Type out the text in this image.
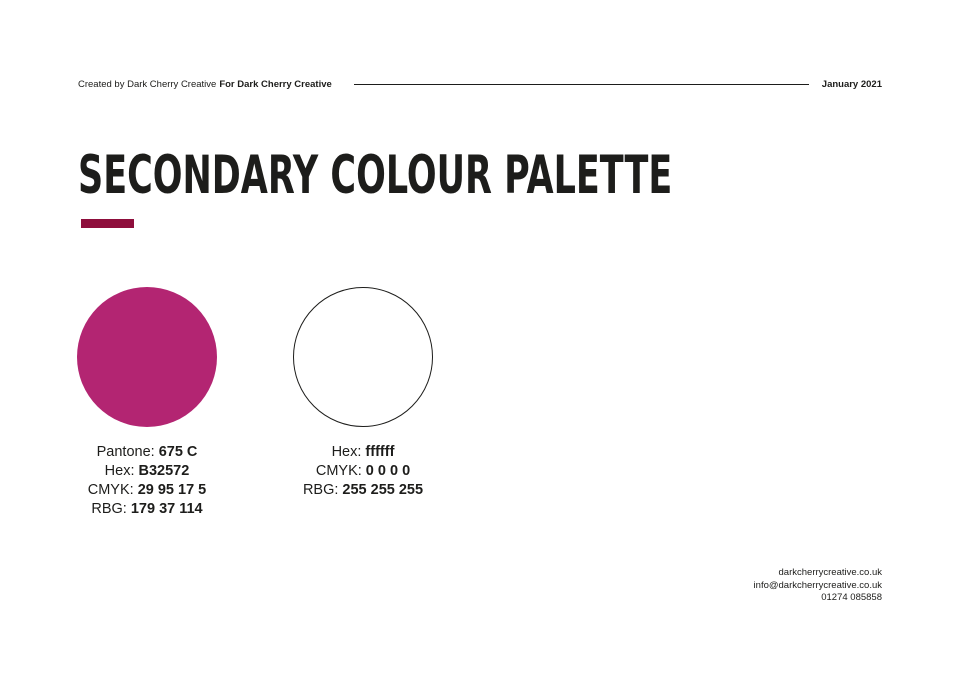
Created by Dark Cherry Creative For Dark Cherry Creative	January 2021
SECONDARY COLOUR PALETTE
Pantone: 675 C
Hex: B32572
CMYK: 29 95 17 5
RBG: 179 37 114
Hex: ffffff
CMYK: 0 0 0 0
RBG: 255 255 255
darkcherrycreative.co.uk
info@darkcherrycreative.co.uk
01274 085858
